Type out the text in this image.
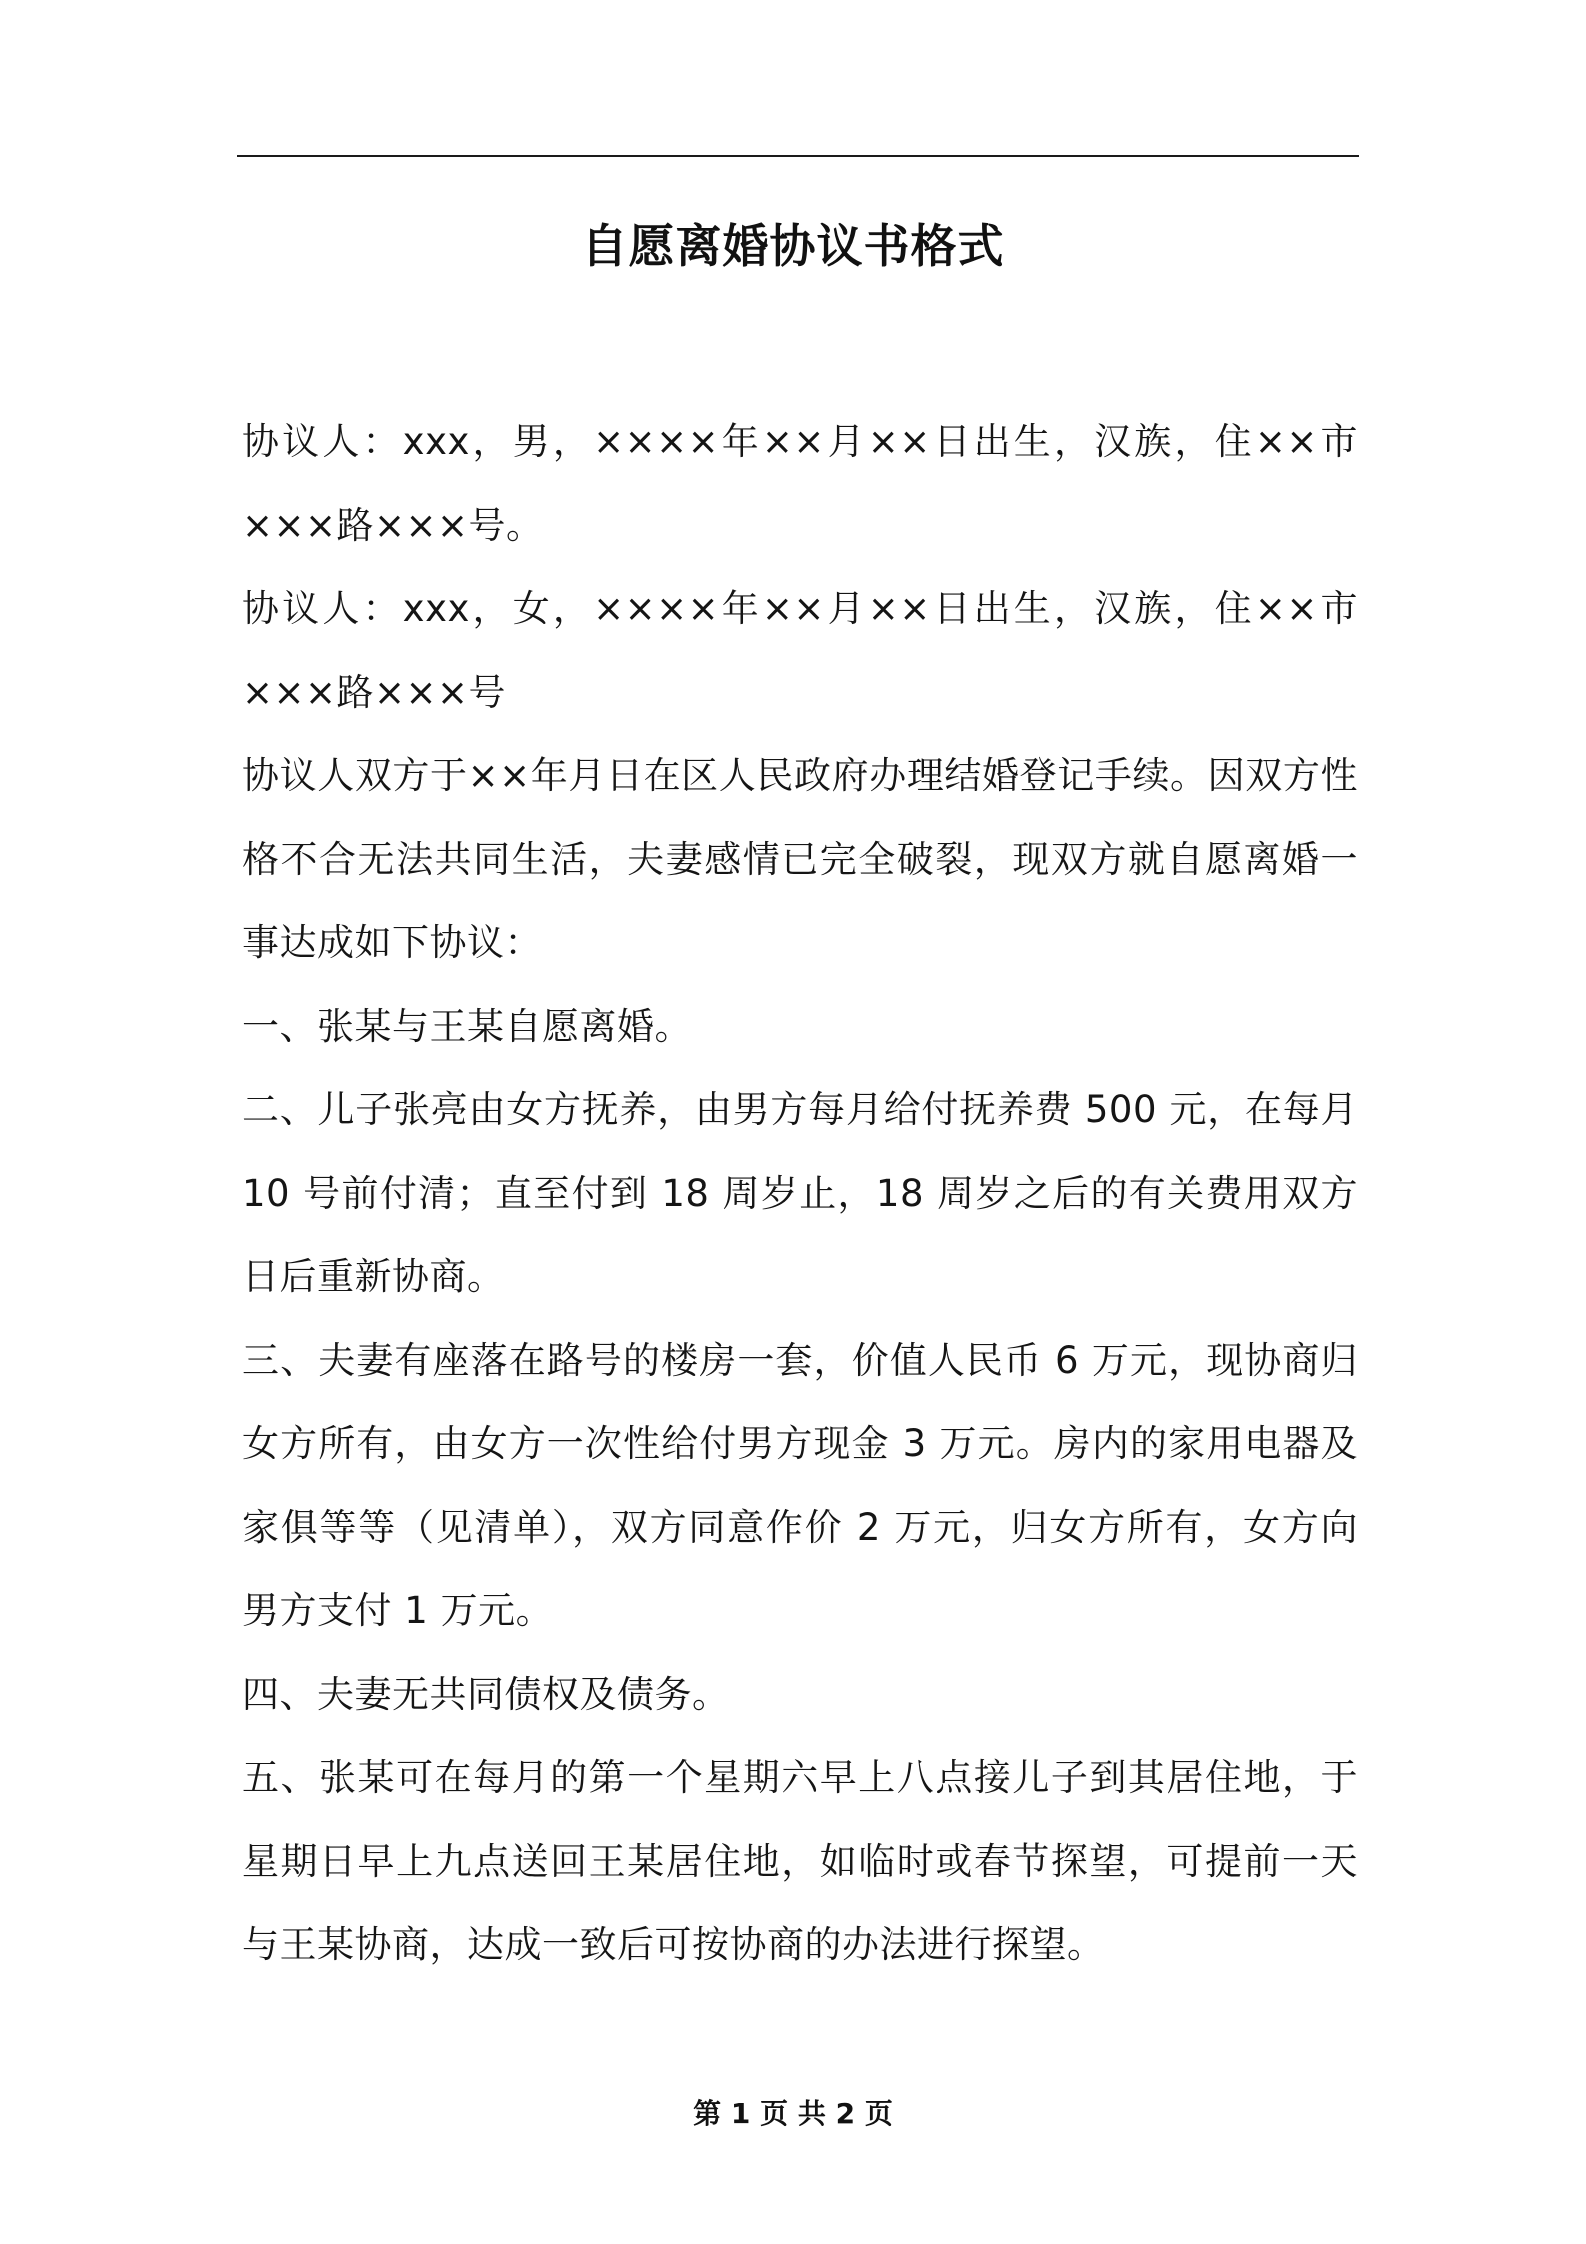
自愿离婚协议书格式

协议人：xxx，男，××××年××月××日出生，汉族，住××市×××路×××号。

协议人：xxx，女，××××年××月××日出生，汉族，住××市×××路×××号

协议人双方于××年月日在区人民政府办理结婚登记手续。因双方性格不合无法共同生活，夫妻感情已完全破裂，现双方就自愿离婚一事达成如下协议：

一、张某与王某自愿离婚。

二、儿子张亮由女方抚养，由男方每月给付抚养费 500 元，在每月 10 号前付清；直至付到 18 周岁止，18 周岁之后的有关费用双方日后重新协商。

三、夫妻有座落在路号的楼房一套，价值人民币 6 万元，现协商归女方所有，由女方一次性给付男方现金 3 万元。房内的家用电器及家俱等等（见清单），双方同意作价 2 万元，归女方所有，女方向男方支付 1 万元。

四、夫妻无共同债权及债务。

五、张某可在每月的第一个星期六早上八点接儿子到其居住地，于星期日早上九点送回王某居住地，如临时或春节探望，可提前一天与王某协商，达成一致后可按协商的办法进行探望。

第 1 页 共 2 页
